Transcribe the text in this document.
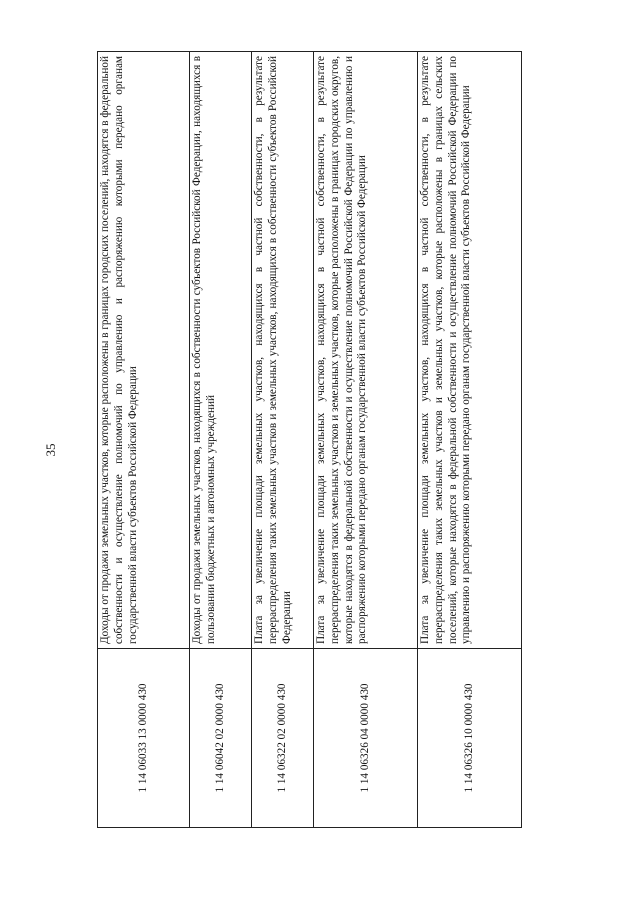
35
1 14 06033 13 0000 430	Доходы от продажи земельных участков, которые расположены в границах городских поселений, находятся в федеральной собственности и осуществление полномочий по управлению и распоряжению которыми передано органам государственной власти субъектов Российской Федерации
1 14 06042 02 0000 430	Доходы от продажи земельных участков, находящихся в собственности субъектов Российской Федерации, находящихся в пользовании бюджетных и автономных учреждений
1 14 06322 02 0000 430	Плата за увеличение площади земельных участков, находящихся в частной собственности, в результате перераспределения таких земельных участков и земельных участков, находящихся в собственности субъектов Российской Федерации
1 14 06326 04 0000 430	Плата за увеличение площади земельных участков, находящихся в частной собственности, в результате перераспределения таких земельных участков и земельных участков, которые расположены в границах городских округов, которые находятся в федеральной собственности и осуществление полномочий Российской Федерации по управлению и распоряжению которыми передано органам государственной власти субъектов Российской Федерации
1 14 06326 10 0000 430	Плата за увеличение площади земельных участков, находящихся в частной собственности, в результате перераспределения таких земельных участков и земельных участков, которые расположены в границах сельских поселений, которые находятся в федеральной собственности и осуществление полномочий Российской Федерации по управлению и распоряжению которыми передано органам государственной власти субъектов Российской Федерации
